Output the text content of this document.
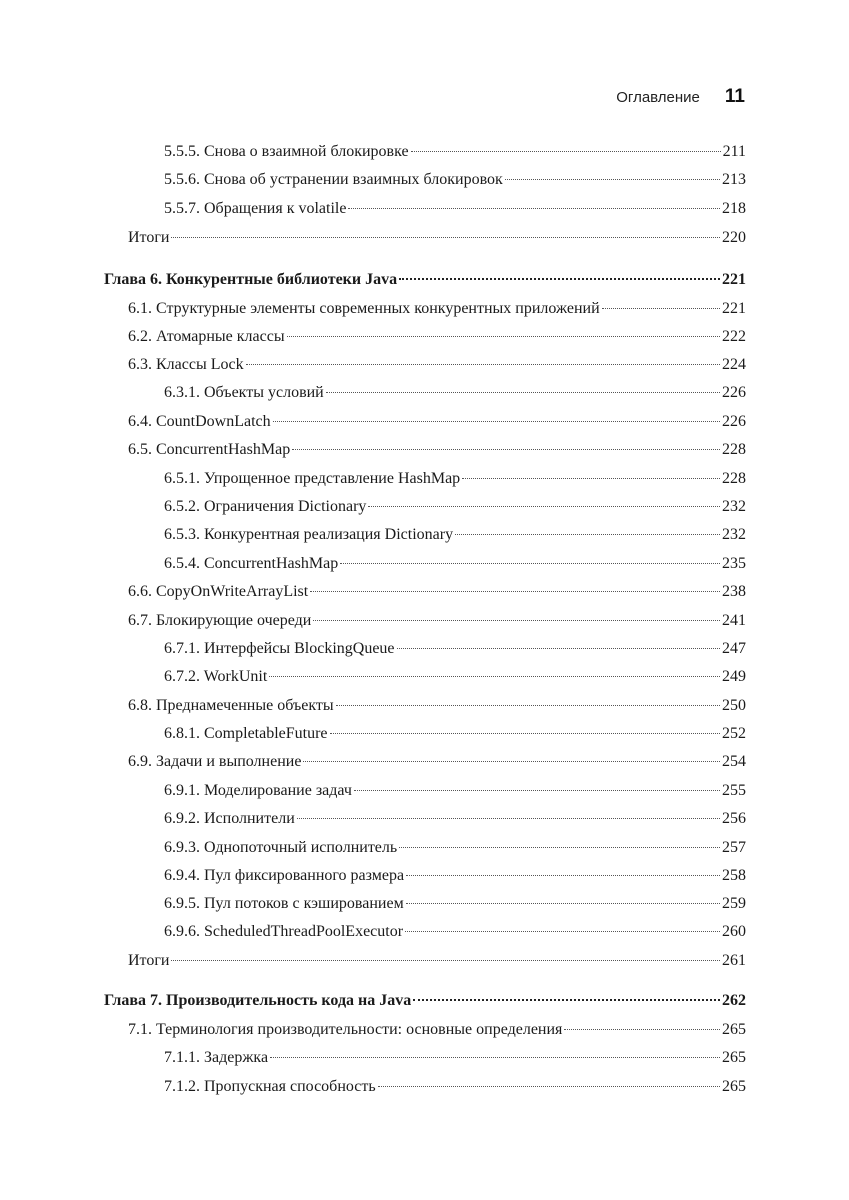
Оглавление 11
5.5.5. Снова о взаимной блокировке	211
5.5.6. Снова об устранении взаимных блокировок	213
5.5.7. Обращения к volatile	218
Итоги	220
Глава 6. Конкурентные библиотеки Java	221
6.1. Структурные элементы современных конкурентных приложений	221
6.2. Атомарные классы	222
6.3. Классы Lock	224
6.3.1. Объекты условий	226
6.4. CountDownLatch	226
6.5. ConcurrentHashMap	228
6.5.1. Упрощенное представление HashMap	228
6.5.2. Ограничения Dictionary	232
6.5.3. Конкурентная реализация Dictionary	232
6.5.4. ConcurrentHashMap	235
6.6. CopyOnWriteArrayList	238
6.7. Блокирующие очереди	241
6.7.1. Интерфейсы BlockingQueue	247
6.7.2. WorkUnit	249
6.8. Преднамеченные объекты	250
6.8.1. CompletableFuture	252
6.9. Задачи и выполнение	254
6.9.1. Моделирование задач	255
6.9.2. Исполнители	256
6.9.3. Однопоточный исполнитель	257
6.9.4. Пул фиксированного размера	258
6.9.5. Пул потоков с кэшированием	259
6.9.6. ScheduledThreadPoolExecutor	260
Итоги	261
Глава 7. Производительность кода на Java	262
7.1. Терминология производительности: основные определения	265
7.1.1. Задержка	265
7.1.2. Пропускная способность	265
